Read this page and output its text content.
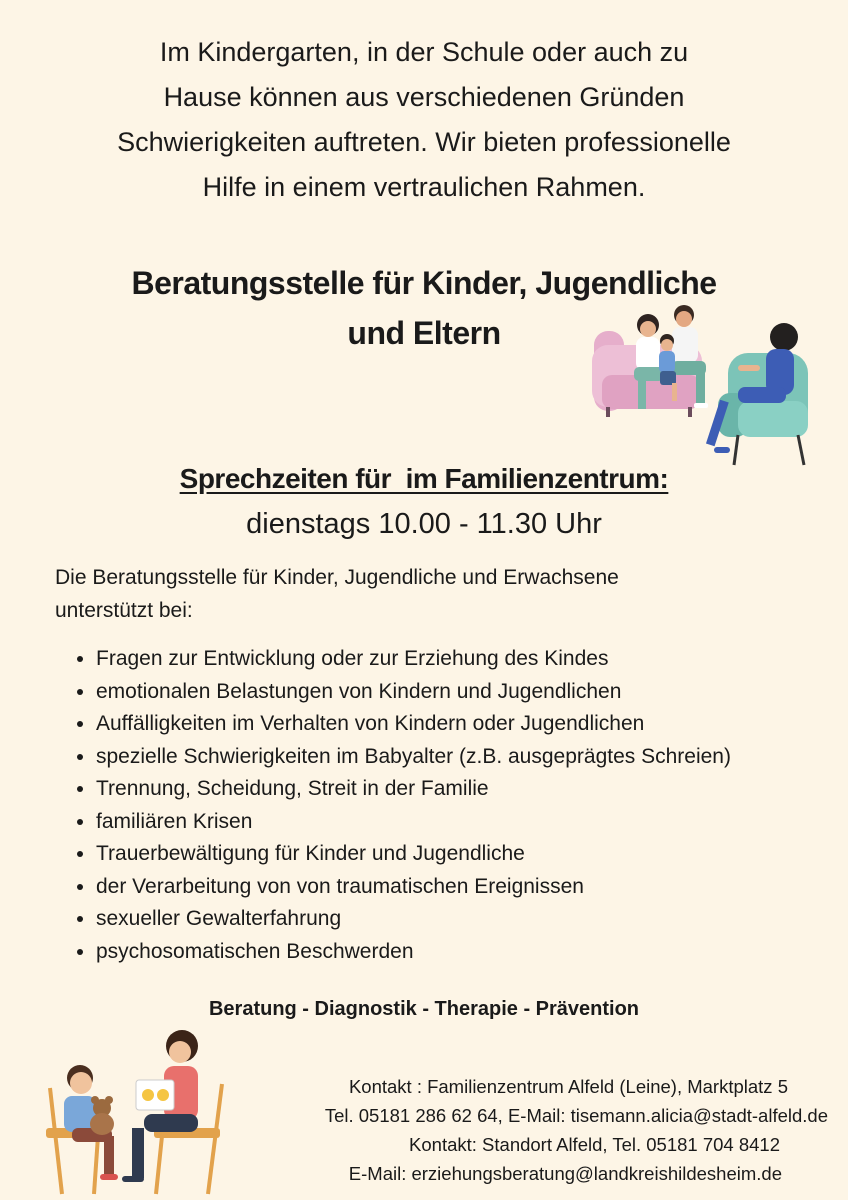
Im Kindergarten, in der Schule oder auch zu
Hause können aus verschiedenen Gründen
Schwierigkeiten auftreten. Wir bieten professionelle
Hilfe in einem vertraulichen Rahmen.

Beratungsstelle für Kinder, Jugendliche
und Eltern

Sprechzeiten für  im Familienzentrum:

dienstags 10.00 - 11.30 Uhr

Die Beratungsstelle für Kinder, Jugendliche und Erwachsene
unterstützt bei:

• Fragen zur Entwicklung oder zur Erziehung des Kindes
• emotionalen Belastungen von Kindern und Jugendlichen
• Auffälligkeiten im Verhalten von Kindern oder Jugendlichen
• spezielle Schwierigkeiten im Babyalter (z.B. ausgeprägtes Schreien)
• Trennung, Scheidung, Streit in der Familie
• familiären Krisen
• Trauerbewältigung für Kinder und Jugendliche
• der Verarbeitung von von traumatischen Ereignissen
• sexueller Gewalterfahrung
• psychosomatischen Beschwerden

Beratung - Diagnostik - Therapie - Prävention

Kontakt : Familienzentrum Alfeld (Leine), Marktplatz 5
Tel. 05181 286 62 64, E-Mail: tisemann.alicia@stadt-alfeld.de
Kontakt: Standort Alfeld, Tel. 05181 704 8412
E-Mail: erziehungsberatung@landkreishildesheim.de
